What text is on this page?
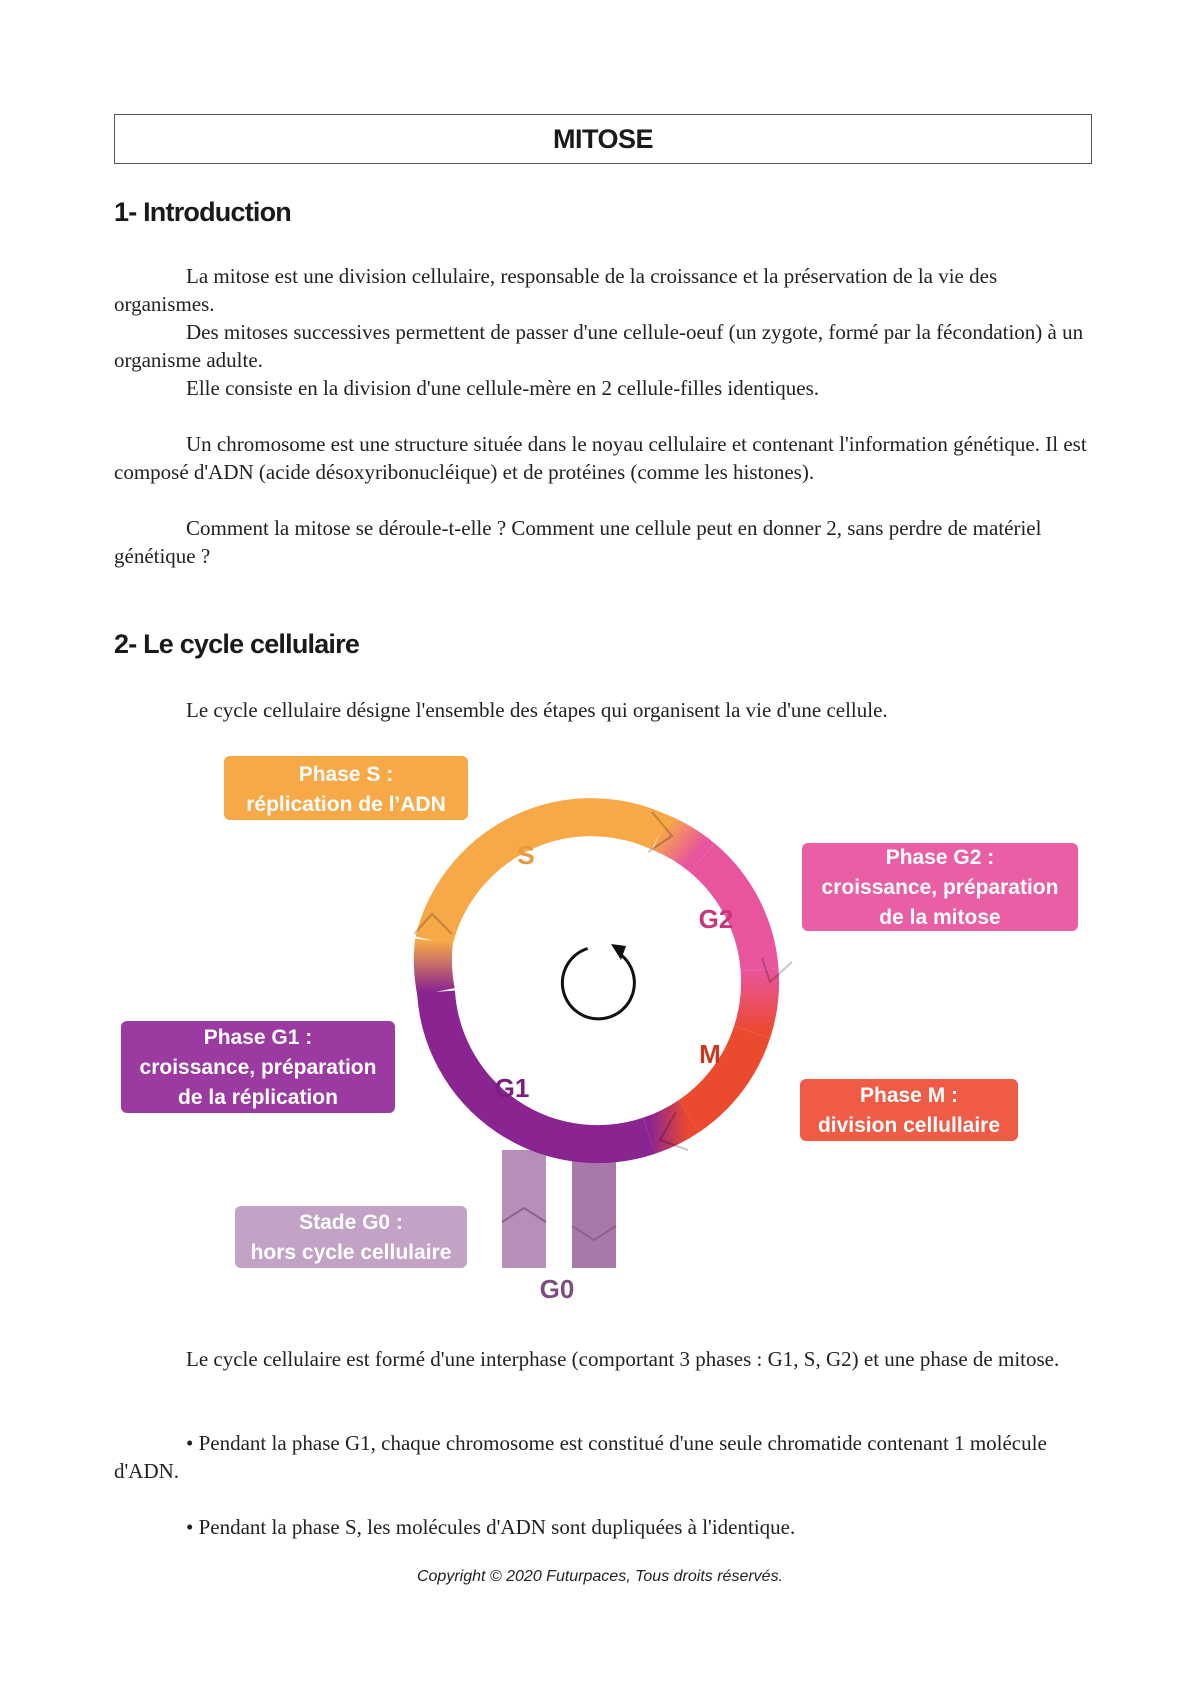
MITOSE
1- Introduction

La mitose est une division cellulaire, responsable de la croissance et la préservation de la vie des organismes.

Des mitoses successives permettent de passer d'une cellule-oeuf (un zygote, formé par la fécondation) à un organisme adulte.

Elle consiste en la division d'une cellule-mère en 2 cellule-filles identiques.

Un chromosome est une structure située dans le noyau cellulaire et contenant l'information génétique. Il est composé d'ADN (acide désoxyribonucléique) et de protéines (comme les histones).

Comment la mitose se déroule-t-elle ? Comment une cellule peut en donner 2, sans perdre de matériel génétique ?

2- Le cycle cellulaire

Le cycle cellulaire désigne l'ensemble des étapes qui organisent la vie d'une cellule.

S
G2
M
G1
G0
Phase S :
réplication de l’ADN
Phase G2 :
croissance, préparation
de la mitose
Phase G1 :
croissance, préparation
de la réplication	Phase M :
division cellullaire
Stade G0 :
hors cycle cellulaire

Le cycle cellulaire est formé d'une interphase (comportant 3 phases : G1, S, G2) et une phase de mitose.

• Pendant la phase G1, chaque chromosome est constitué d'une seule chromatide contenant 1 molécule d'ADN.

• Pendant la phase S, les molécules d'ADN sont dupliquées à l'identique.

Copyright © 2020 Futurpaces, Tous droits réservés.
